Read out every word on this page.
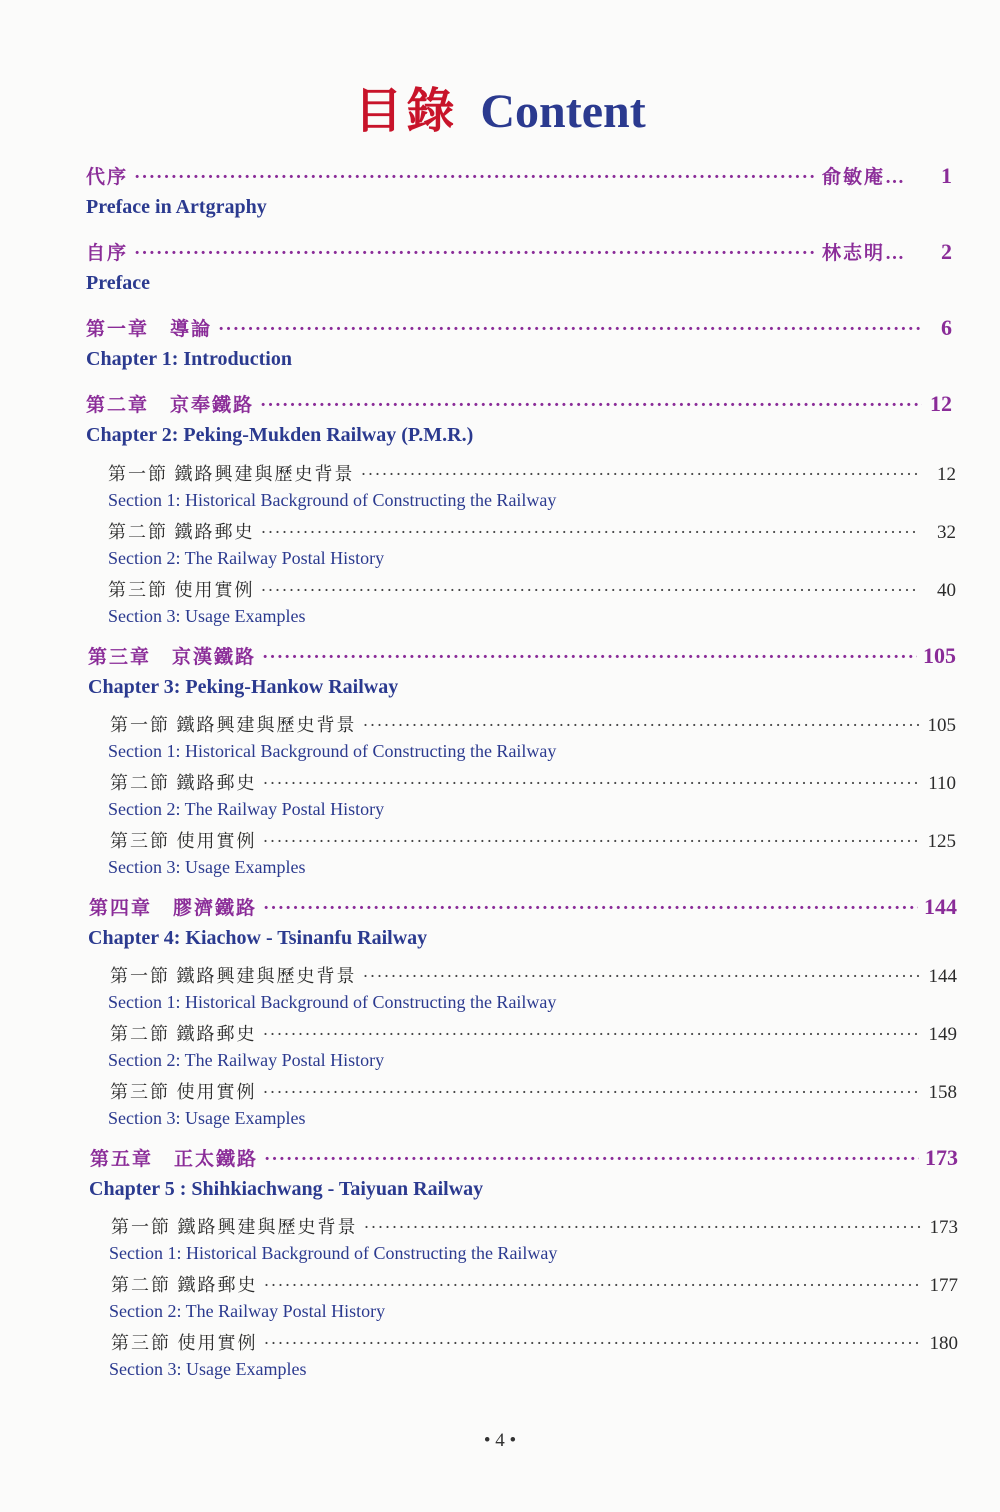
目錄 Content
代序 ·····	俞敏庵…	1
Preface in Artgraphy
自序 ·····	林志明…	2
Preface
第一章　導論 ·····	6
Chapter 1: Introduction
第二章　京奉鐵路 ·····	12
Chapter 2: Peking-Mukden Railway (P.M.R.)
第一節 鐵路興建與歷史背景 ·····	12
Section 1: Historical Background of Constructing the Railway
第二節 鐵路郵史 ·····	32
Section 2: The Railway Postal History
第三節 使用實例 ·····	40
Section 3: Usage Examples
第三章　京漢鐵路 ·····	105
Chapter 3: Peking-Hankow Railway
第一節 鐵路興建與歷史背景 ·····	105
Section 1: Historical Background of Constructing the Railway
第二節 鐵路郵史 ·····	110
Section 2: The Railway Postal History
第三節 使用實例 ·····	125
Section 3: Usage Examples
第四章　膠濟鐵路 ·····	144
Chapter 4: Kiachow - Tsinanfu Railway
第一節 鐵路興建與歷史背景 ·····	144
Section 1: Historical Background of Constructing the Railway
第二節 鐵路郵史 ·····	149
Section 2: The Railway Postal History
第三節 使用實例 ·····	158
Section 3: Usage Examples
第五章　正太鐵路 ·····	173
Chapter 5 : Shihkiachwang - Taiyuan Railway
第一節 鐵路興建與歷史背景 ·····	173
Section 1: Historical Background of Constructing the Railway
第二節 鐵路郵史 ·····	177
Section 2: The Railway Postal History
第三節 使用實例 ·····	180
Section 3: Usage Examples
• 4 •
